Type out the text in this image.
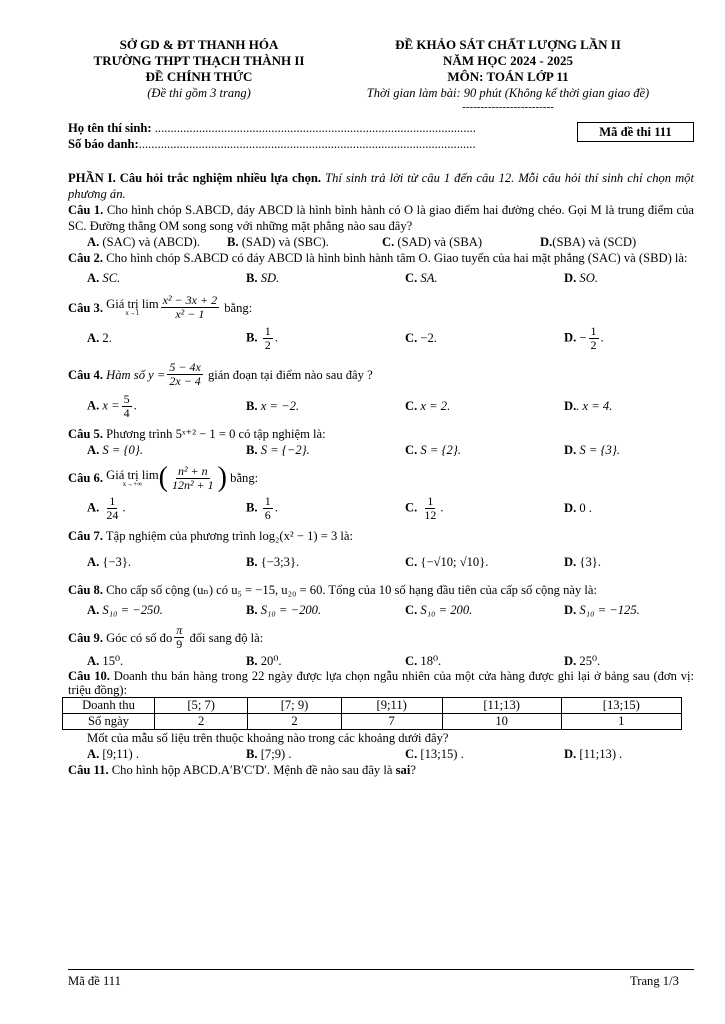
SỞ GD & ĐT THANH HÓA
TRƯỜNG THPT THẠCH THÀNH II
ĐỀ CHÍNH THỨC
(Đề thi gồm 3 trang)
ĐỀ KHẢO SÁT CHẤT LƯỢNG LẦN II
NĂM HỌC 2024 - 2025
MÔN: TOÁN LỚP 11
Thời gian làm bài: 90 phút (Không kể thời gian giao đề)
-------------------------
Họ tên thí sinh: ......................................................................................................
Số báo danh:...........................................................................................................
Mã đề thi 111
PHẦN I. Câu hỏi trắc nghiệm nhiều lựa chọn. Thí sinh trả lời từ câu 1 đến câu 12. Mỗi câu hỏi thí sinh chỉ chọn một phương án.
Câu 1. Cho hình chóp S.ABCD, đáy ABCD là hình bình hành có O là giao điểm hai đường chéo. Gọi M là trung điểm của SC. Đường thẳng OM song song với những mặt phẳng nào sau đây?
A. (SAC) và (ABCD).	B. (SAD) và (SBC).	C. (SAD) và (SBA)	D.(SBA) và (SCD)
Câu 2. Cho hình chóp S.ABCD có đáy ABCD là hình bình hành tâm O. Giao tuyến của hai mặt phẳng (SAC) và (SBD) là:
A. SC.	B. SD.	C. SA.	D. SO.
Câu 3.
Giá trị lim
$x\to 1 \frac{\text{x² − 3x + 2}}{\text{x² − 1}}$
bằng:
A. 2.	B. $\frac{1}{2}$ .	C. −2.	D. − $\frac{1}{2}$ .
Câu 4.
Hàm số $y = \frac{5 - 4x}{2x - 4}$
gián đoạn tại điểm nào sau đây ?
A. $x = \frac{5}{4}$ .	B. x = −2.	C. x = 2.	D.. x = 4.
Câu 5. Phương trình 5ˣ⁺² − 1 = 0 có tập nghiệm là:
A. S = {0}.	B. S = {−2}.	C. S = {2}.	D. S = {3}.
Câu 6.
Giá trị lim
x→+∞ ( $\frac{\text{n² + n}}{\text{12n² + 1}}$ )
bằng:
A. $\frac{1}{24}$ .	B. $\frac{1}{6}$ .	C. $\frac{1}{12}$ .	D. 0 .
Câu 7. Tập nghiệm của phương trình log₂(x² − 1) = 3 là:
A. {−3}.	B. {−3;3}.	C. {−√10; √10}.	D. {3}.
Câu 8. Cho cấp số cộng (uₙ) có u₅ = −15, u₂₀ = 60. Tổng của 10 số hạng đầu tiên của cấp số cộng này là:
A. S₁₀ = −250.	B. S₁₀ = −200.	C. S₁₀ = 200.	D. S₁₀ = −125.
Câu 9.
Góc có số đo $\frac{\pi}{9}$
đổi sang độ là:
A. 15⁰.	B. 20⁰.	C. 18⁰.	D. 25⁰.
Câu 10. Doanh thu bán hàng trong 22 ngày được lựa chọn ngẫu nhiên của một cửa hàng được ghi lại ở bảng sau (đơn vị: triệu đồng):
Doanh thu	[5; 7)	[7; 9)	[9;11)	[11;13)	[13;15)
Số ngày	2	2	7	10	1
Mốt của mẫu số liệu trên thuộc khoảng nào trong các khoảng dưới đây?
A. [9;11) .	B. [7;9) .	C. [13;15) .	D. [11;13) .
Câu 11. Cho hình hộp ABCD.A′B′C′D′. Mệnh đề nào sau đây là sai?
Mã đề 111	Trang 1/3
